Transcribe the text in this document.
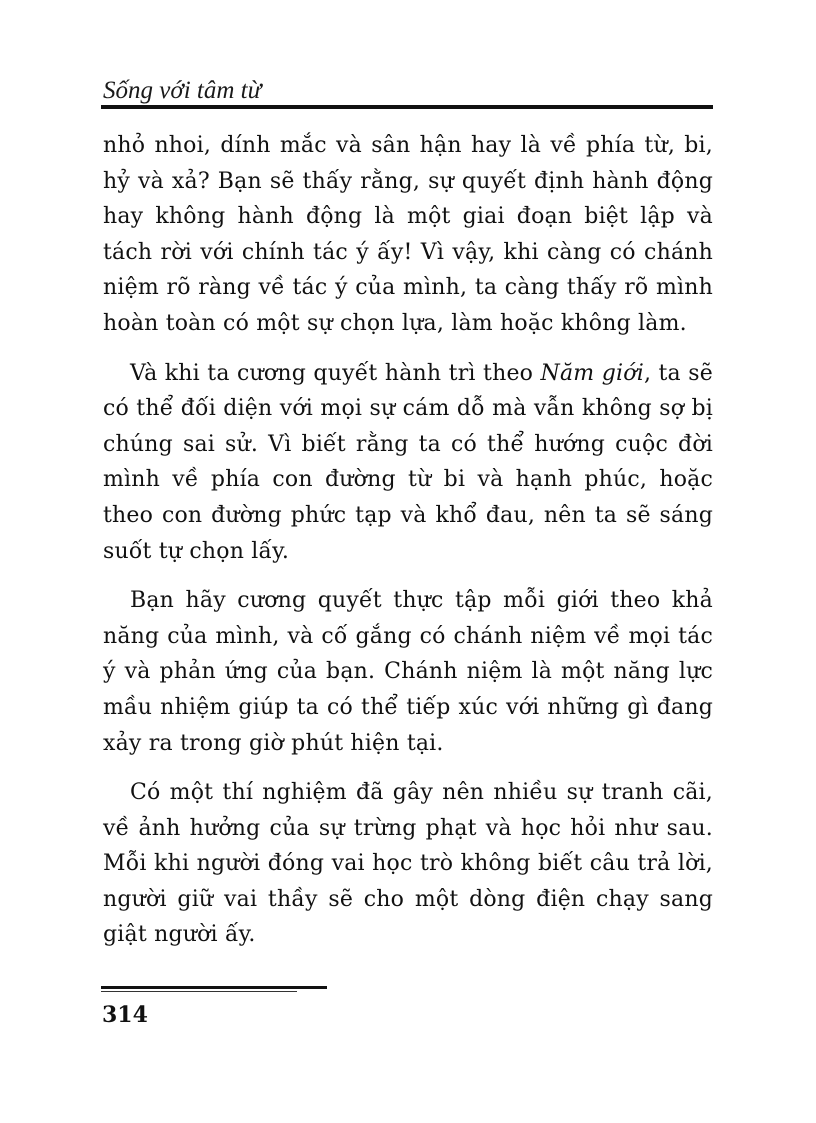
Sống với tâm từ

nhỏ nhoi, dính mắc và sân hận hay là về phía từ, bi, hỷ và xả? Bạn sẽ thấy rằng, sự quyết định hành động hay không hành động là một giai đoạn biệt lập và tách rời với chính tác ý ấy! Vì vậy, khi càng có chánh niệm rõ ràng về tác ý của mình, ta càng thấy rõ mình hoàn toàn có một sự chọn lựa, làm hoặc không làm.

Và khi ta cương quyết hành trì theo Năm giới, ta sẽ có thể đối diện với mọi sự cám dỗ mà vẫn không sợ bị chúng sai sử. Vì biết rằng ta có thể hướng cuộc đời mình về phía con đường từ bi và hạnh phúc, hoặc theo con đường phức tạp và khổ đau, nên ta sẽ sáng suốt tự chọn lấy.

Bạn hãy cương quyết thực tập mỗi giới theo khả năng của mình, và cố gắng có chánh niệm về mọi tác ý và phản ứng của bạn. Chánh niệm là một năng lực mầu nhiệm giúp ta có thể tiếp xúc với những gì đang xảy ra trong giờ phút hiện tại.

Có một thí nghiệm đã gây nên nhiều sự tranh cãi, về ảnh hưởng của sự trừng phạt và học hỏi như sau. Mỗi khi người đóng vai học trò không biết câu trả lời, người giữ vai thầy sẽ cho một dòng điện chạy sang giật người ấy.

314
